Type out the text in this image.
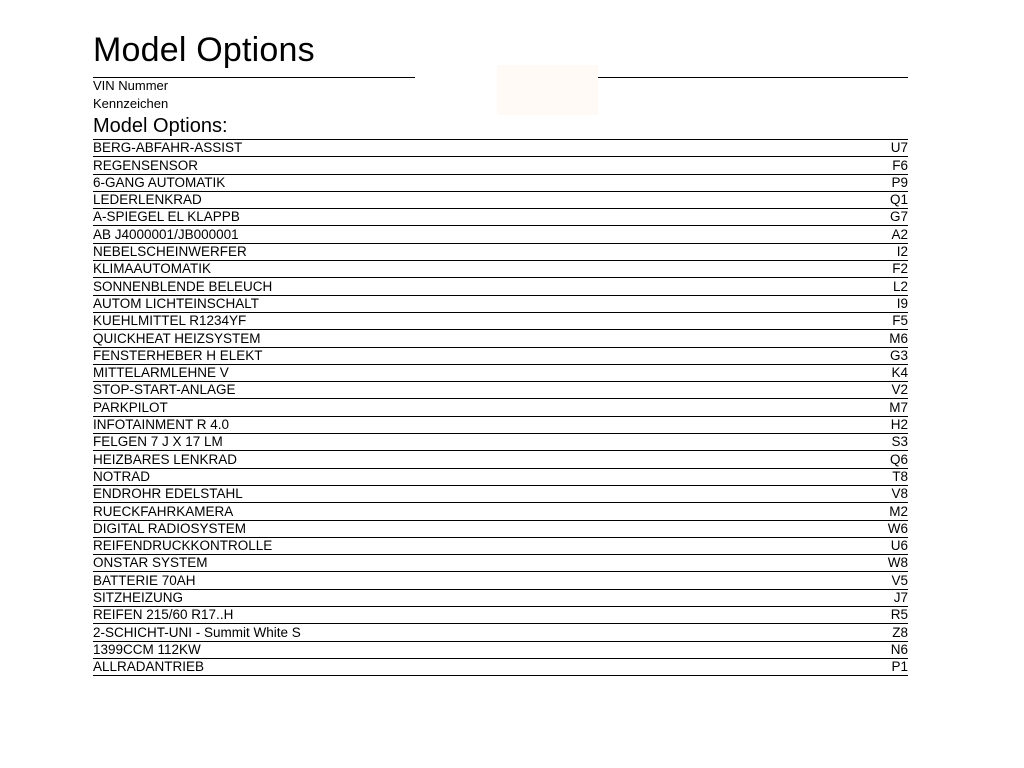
Model Options
VIN Nummer
Kennzeichen
Model Options:
BERG-ABFAHR-ASSIST	U7
REGENSENSOR	F6
6-GANG AUTOMATIK	P9
LEDERLENKRAD	Q1
A-SPIEGEL EL KLAPPB	G7
AB J4000001/JB000001	A2
NEBELSCHEINWERFER	I2
KLIMAAUTOMATIK	F2
SONNENBLENDE BELEUCH	L2
AUTOM LICHTEINSCHALT	I9
KUEHLMITTEL R1234YF	F5
QUICKHEAT HEIZSYSTEM	M6
FENSTERHEBER H ELEKT	G3
MITTELARMLEHNE V	K4
STOP-START-ANLAGE	V2
PARKPILOT	M7
INFOTAINMENT R 4.0	H2
FELGEN 7 J X 17 LM	S3
HEIZBARES LENKRAD	Q6
NOTRAD	T8
ENDROHR EDELSTAHL	V8
RUECKFAHRKAMERA	M2
DIGITAL RADIOSYSTEM	W6
REIFENDRUCKKONTROLLE	U6
ONSTAR SYSTEM	W8
BATTERIE 70AH	V5
SITZHEIZUNG	J7
REIFEN 215/60 R17..H	R5
2-SCHICHT-UNI - Summit White S	Z8
1399CCM 112KW	N6
ALLRADANTRIEB	P1
